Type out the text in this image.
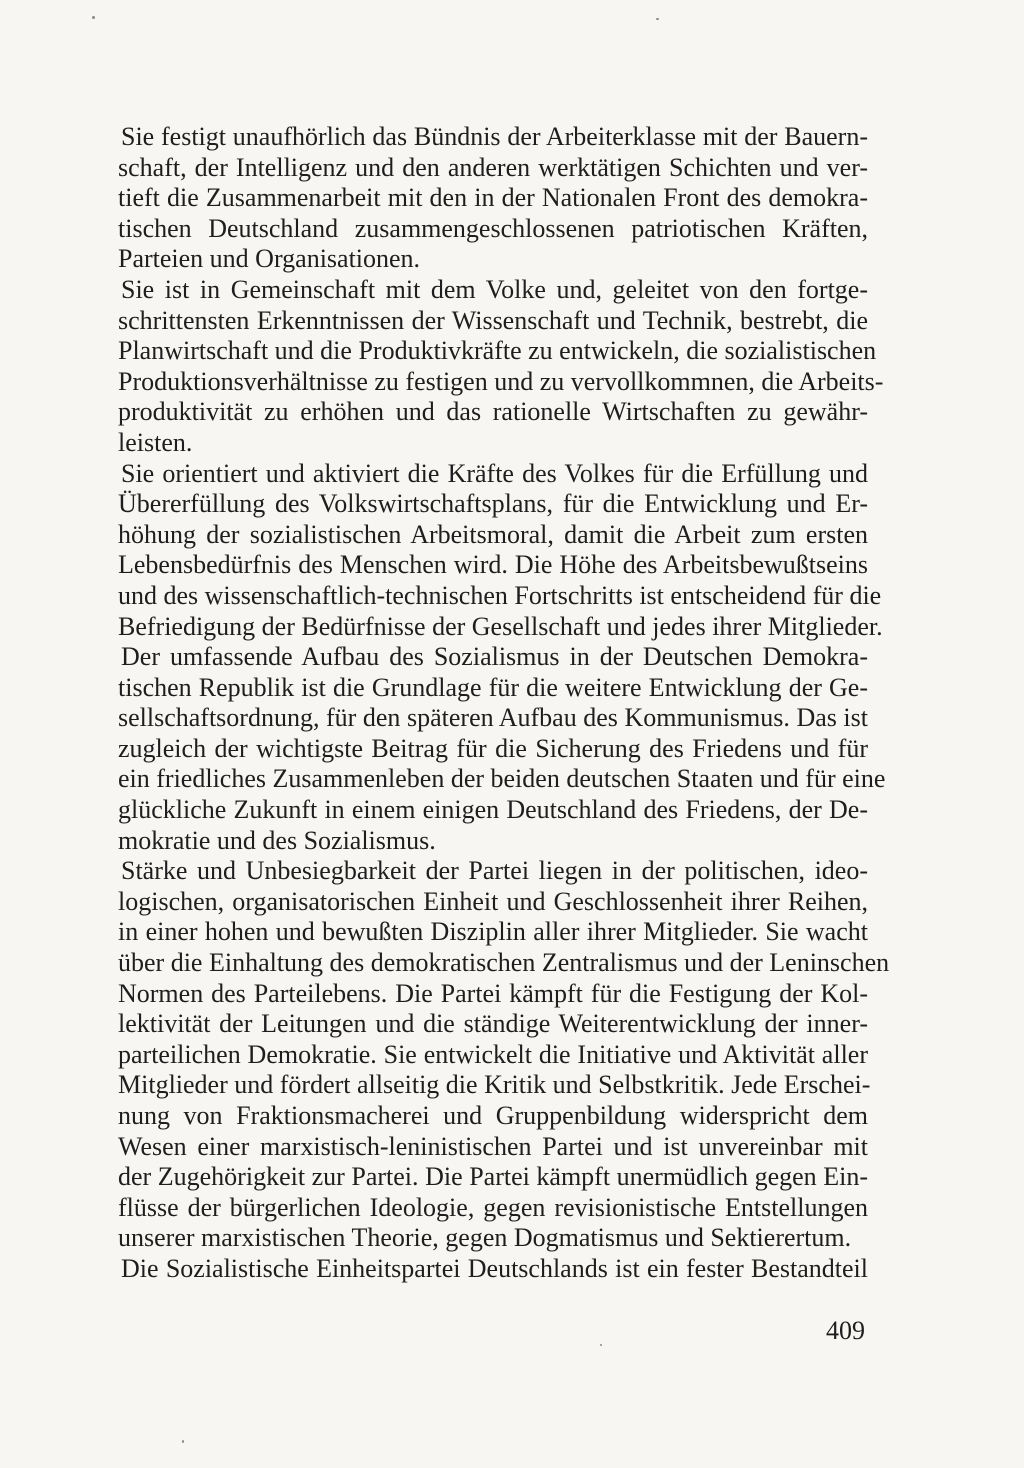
Sie festigt unaufhörlich das Bündnis der Arbeiterklasse mit der Bauern-
schaft, der Intelligenz und den anderen werktätigen Schichten und ver-
tieft die Zusammenarbeit mit den in der Nationalen Front des demokra-
tischen Deutschland zusammengeschlossenen patriotischen Kräften,
Parteien und Organisationen.
Sie ist in Gemeinschaft mit dem Volke und, geleitet von den fortge-
schrittensten Erkenntnissen der Wissenschaft und Technik, bestrebt, die
Planwirtschaft und die Produktivkräfte zu entwickeln, die sozialistischen
Produktionsverhältnisse zu festigen und zu vervollkommnen, die Arbeits-
produktivität zu erhöhen und das rationelle Wirtschaften zu gewähr-
leisten.
Sie orientiert und aktiviert die Kräfte des Volkes für die Erfüllung und
Übererfüllung des Volkswirtschaftsplans, für die Entwicklung und Er-
höhung der sozialistischen Arbeitsmoral, damit die Arbeit zum ersten
Lebensbedürfnis des Menschen wird. Die Höhe des Arbeitsbewußtseins
und des wissenschaftlich-technischen Fortschritts ist entscheidend für die
Befriedigung der Bedürfnisse der Gesellschaft und jedes ihrer Mitglieder.
Der umfassende Aufbau des Sozialismus in der Deutschen Demokra-
tischen Republik ist die Grundlage für die weitere Entwicklung der Ge-
sellschaftsordnung, für den späteren Aufbau des Kommunismus. Das ist
zugleich der wichtigste Beitrag für die Sicherung des Friedens und für
ein friedliches Zusammenleben der beiden deutschen Staaten und für eine
glückliche Zukunft in einem einigen Deutschland des Friedens, der De-
mokratie und des Sozialismus.
Stärke und Unbesiegbarkeit der Partei liegen in der politischen, ideo-
logischen, organisatorischen Einheit und Geschlossenheit ihrer Reihen,
in einer hohen und bewußten Disziplin aller ihrer Mitglieder. Sie wacht
über die Einhaltung des demokratischen Zentralismus und der Leninschen
Normen des Parteilebens. Die Partei kämpft für die Festigung der Kol-
lektivität der Leitungen und die ständige Weiterentwicklung der inner-
parteilichen Demokratie. Sie entwickelt die Initiative und Aktivität aller
Mitglieder und fördert allseitig die Kritik und Selbstkritik. Jede Erschei-
nung von Fraktionsmacherei und Gruppenbildung widerspricht dem
Wesen einer marxistisch-leninistischen Partei und ist unvereinbar mit
der Zugehörigkeit zur Partei. Die Partei kämpft unermüdlich gegen Ein-
flüsse der bürgerlichen Ideologie, gegen revisionistische Entstellungen
unserer marxistischen Theorie, gegen Dogmatismus und Sektierertum.
Die Sozialistische Einheitspartei Deutschlands ist ein fester Bestandteil
409
